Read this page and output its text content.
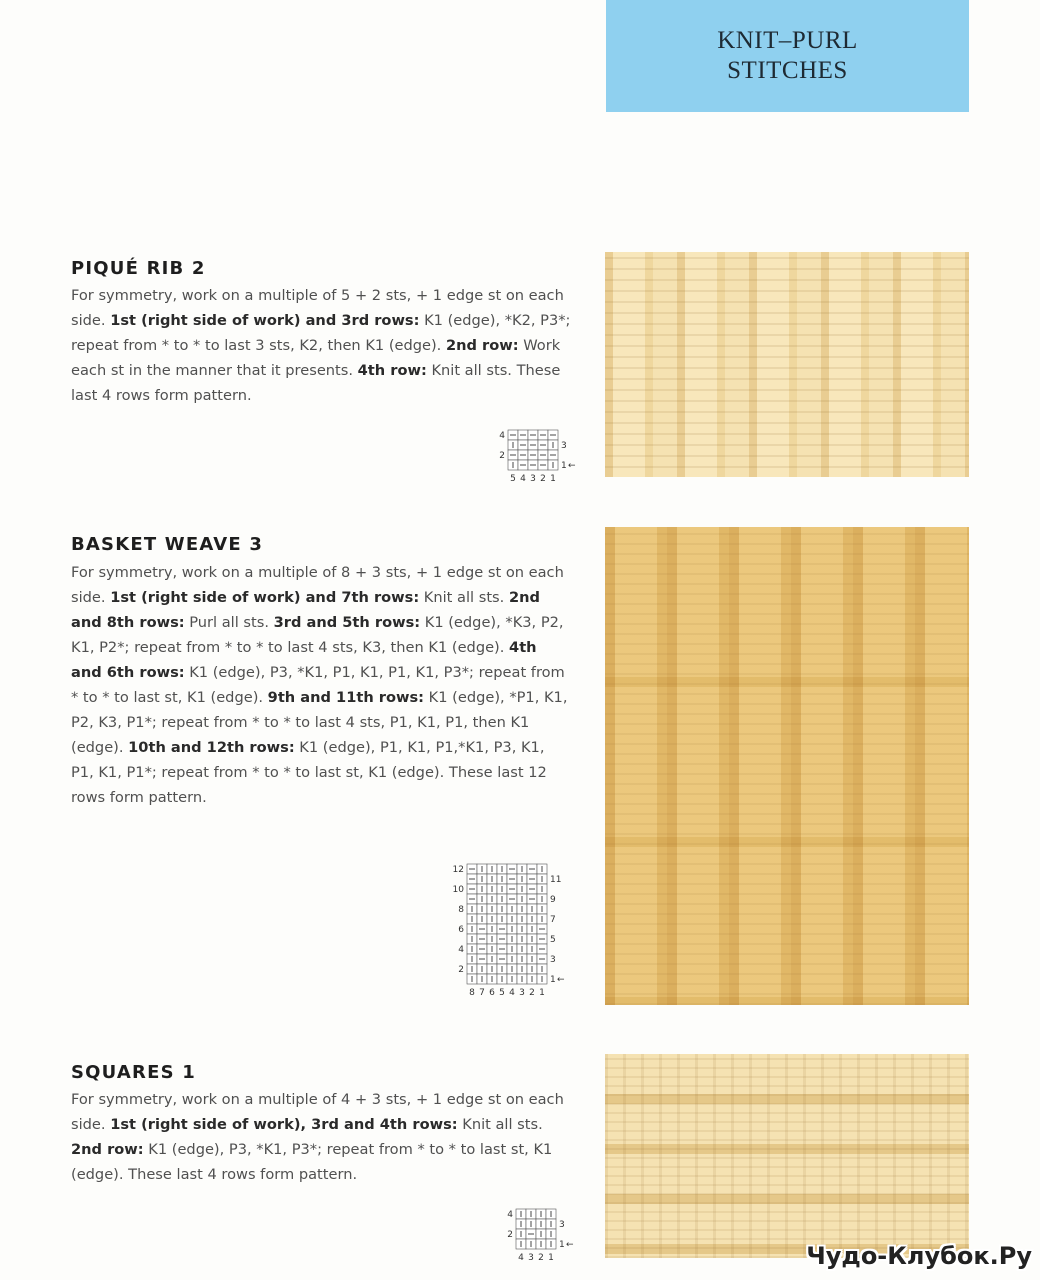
KNIT–PURL
STITCHES
PIQUÉ RIB 2

For symmetry, work on a multiple of 5 + 2 sts, + 1 edge st on each side. 1st (right side of work) and 3rd rows: K1 (edge), *K2, P3*; repeat from * to * to last 3 sts, K2, then K1 (edge). 2nd row: Work each st in the manner that it presents. 4th row: Knit all sts. These last 4 rows form pattern.

4
3
2
1 ←
5 4 3 2 1
BASKET WEAVE 3

For symmetry, work on a multiple of 8 + 3 sts, + 1 edge st on each side. 1st (right side of work) and 7th rows: Knit all sts. 2nd and 8th rows: Purl all sts. 3rd and 5th rows: K1 (edge), *K3, P2, K1, P2*; repeat from * to * to last 4 sts, K3, then K1 (edge). 4th and 6th rows: K1 (edge), P3, *K1, P1, K1, P1, K1, P3*; repeat from * to * to last st, K1 (edge). 9th and 11th rows: K1 (edge), *P1, K1, P2, K3, P1*; repeat from * to * to last 4 sts, P1, K1, P1, then K1 (edge). 10th and 12th rows: K1 (edge), P1, K1, P1,*K1, P3, K1, P1, K1, P1*; repeat from * to * to last st, K1 (edge). These last 12 rows form pattern.

12
11
10
9
8
7
6
5
4
3
2
1 ←
8 7 6 5 4 3 2 1
SQUARES 1

For symmetry, work on a multiple of 4 + 3 sts, + 1 edge st on each side. 1st (right side of work), 3rd and 4th rows: Knit all sts. 2nd row: K1 (edge), P3, *K1, P3*; repeat from * to * to last st, K1 (edge). These last 4 rows form pattern.

4
3
2
1 ←
4 3 2 1	Чудо-Клубок.Ру
